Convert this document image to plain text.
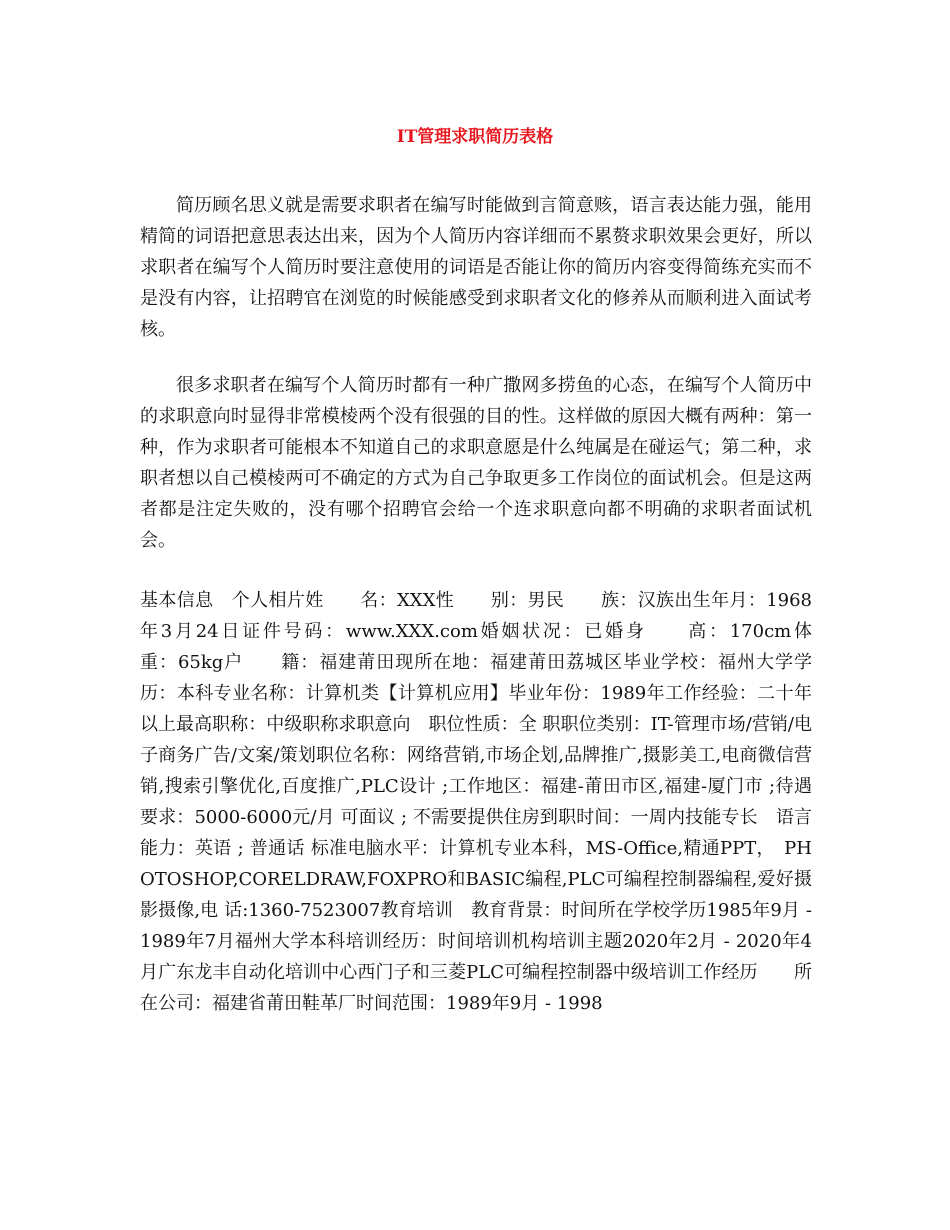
IT管理求职简历表格

简历顾名思义就是需要求职者在编写时能做到言简意赅，语言表达能力强，能用精简的词语把意思表达出来，因为个人简历内容详细而不累赘求职效果会更好，所以求职者在编写个人简历时要注意使用的词语是否能让你的简历内容变得简练充实而不是没有内容，让招聘官在浏览的时候能感受到求职者文化的修养从而顺利进入面试考核。

很多求职者在编写个人简历时都有一种广撒网多捞鱼的心态，在编写个人简历中的求职意向时显得非常模棱两个没有很强的目的性。这样做的原因大概有两种：第一种，作为求职者可能根本不知道自己的求职意愿是什么纯属是在碰运气；第二种，求职者想以自己模棱两可不确定的方式为自己争取更多工作岗位的面试机会。但是这两者都是注定失败的，没有哪个招聘官会给一个连求职意向都不明确的求职者面试机会。

基本信息　个人相片姓　　名：XXX性　　别：男民　　族：汉族出生年月：1968年3月24日证件号码：www.XXX.com婚姻状况：已婚身　　高：170cm体　　重：65kg户　　籍：福建莆田现所在地：福建莆田荔城区毕业学校：福州大学学历：本科专业名称：计算机类【计算机应用】毕业年份：1989年工作经验：二十年以上最高职称：中级职称求职意向　职位性质：全 职职位类别：IT-管理市场/营销/电子商务广告/文案/策划职位名称：网络营销,市场企划,品牌推广,摄影美工,电商微信营销,搜索引擎优化,百度推广,PLC设计 ;工作地区：福建-莆田市区,福建-厦门市 ;待遇要求：5000-6000元/月 可面议 ; 不需要提供住房到职时间：一周内技能专长　语言能力：英语 ; 普通话 标准电脑水平：计算机专业本科，MS-Office,精通PPT，　PHOTOSHOP,CORELDRAW,FOXPRO和BASIC编程,PLC可编程控制器编程,爱好摄影摄像,电 话:1360-7523007教育培训　教育背景：时间所在学校学历1985年9月 - 1989年7月福州大学本科培训经历：时间培训机构培训主题2020年2月 - 2020年4月广东龙丰自动化培训中心西门子和三菱PLC可编程控制器中级培训工作经历　　所在公司：福建省莆田鞋革厂时间范围：1989年9月 - 1998
